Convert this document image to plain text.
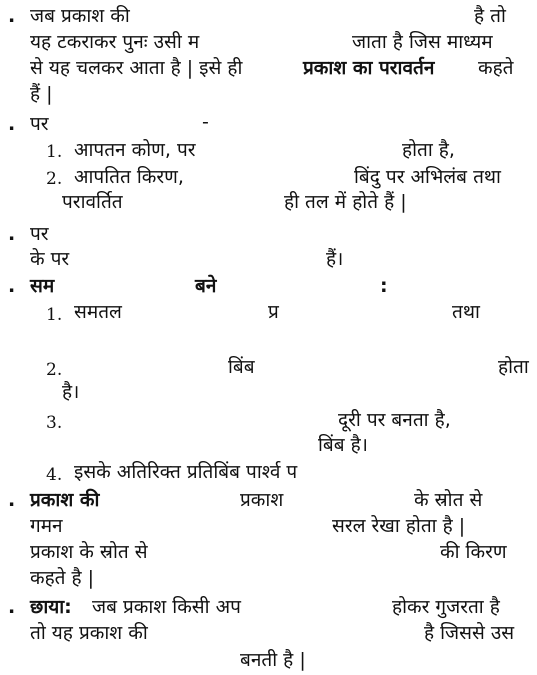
. जब प्रकाश की	है तो
यह टकराकर पुनः उसी म	जाता है जिस माध्यम
से यह चलकर आता है | इसे ही	प्रकाश का परावर्तन कहते
हैं |
. पर	-
1. आपतन कोण, पर	होता है,
2. आपतित किरण,	बिंदु पर अभिलंब तथा
परावर्तित	ही तल में होते हैं |
. पर
के पर	हैं।
. सम	बने	:
1. समतल	प्र	तथा
2.	बिंब	होता
है।
3.	दूरी पर बनता है,
बिंब है।
4. इसके अतिरिक्त प्रतिबिंब पार्श्व प
. प्रकाश की	प्रकाश	के स्रोत से
गमन	सरल रेखा होता है |
प्रकाश के स्रोत से	की किरण
कहते है |
. छाया: जब प्रकाश किसी अप	होकर गुजरता है
तो यह प्रकाश की	है जिससे उस
बनती है |
